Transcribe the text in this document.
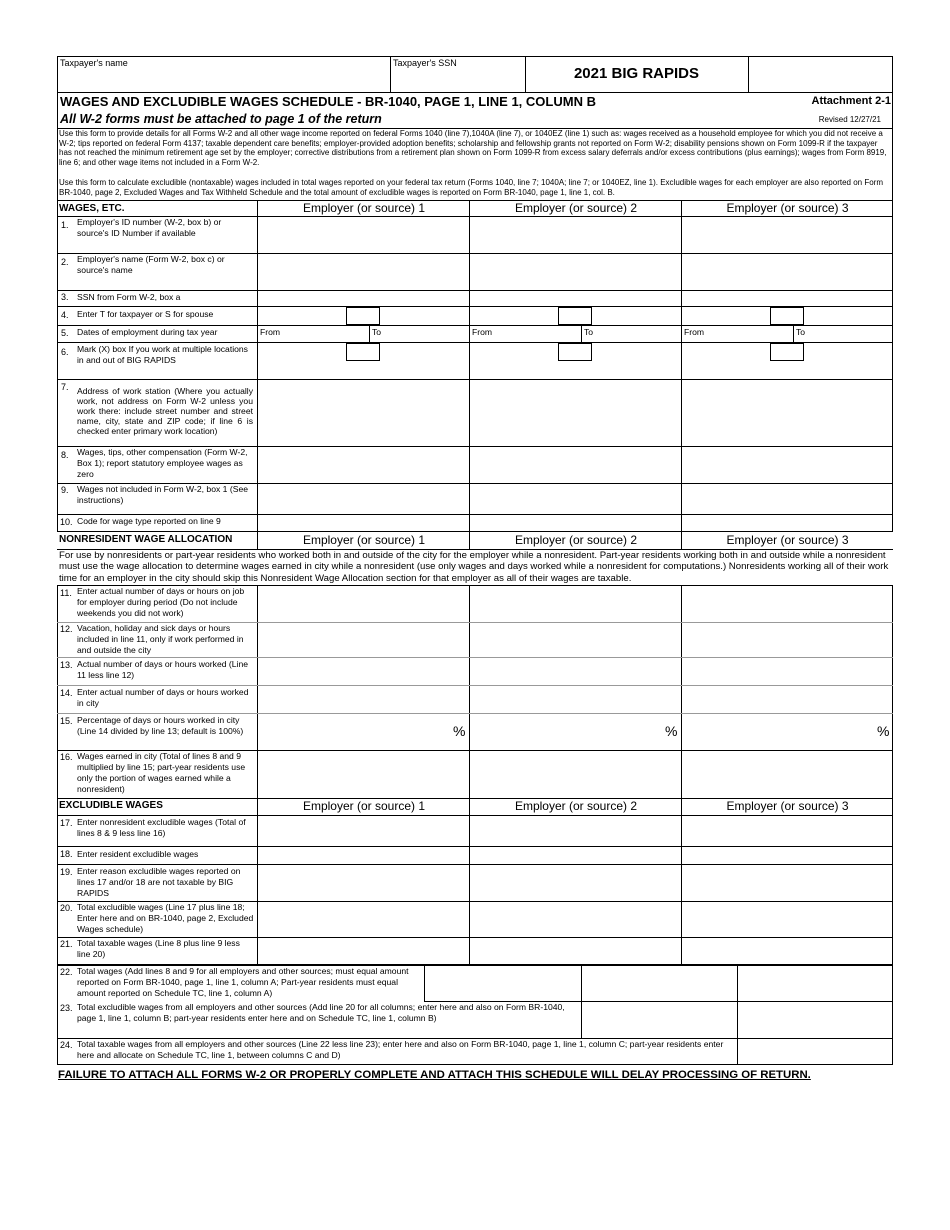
Taxpayer's name	Taxpayer's SSN
2021 BIG RAPIDS
WAGES AND EXCLUDIBLE WAGES SCHEDULE - BR-1040, PAGE 1, LINE 1, COLUMN B	Attachment 2-1
All W-2 forms must be attached to page 1 of the return	Revised 12/27/21
Use this form to provide details for all Forms W-2 and all other wage income reported on federal Forms 1040 (line 7),1040A (line 7), or 1040EZ (line 1) such as: wages received as a household employee for which you did not receive a W-2; tips reported on federal Form 4137; taxable dependent care benefits; employer-provided adoption benefits; scholarship and fellowship grants not reported on Form W-2; disability pensions shown on Form 1099-R if the taxpayer has not reached the minimum retirement age set by the employer; corrective distributions from a retirement plan shown on Form 1099-R from excess salary deferrals and/or excess contributions (plus earnings); wages from Form 8919, line 6; and other wage items not included in a Form W-2.
Use this form to calculate excludible (nontaxable) wages included in total wages reported on your federal tax return (Forms 1040, line 7; 1040A; line 7; or 1040EZ, line 1). Excludible wages for each employer are also reported on Form BR-1040, page 2, Excluded Wages and Tax Withheld Schedule and the total amount of excludible wages is reported on Form BR-1040, page 1, line 1, col. B.
WAGES, ETC.	Employer (or source) 1	Employer (or source) 2	Employer (or source) 3
1. Employer's ID number (W-2, box b) or source's ID Number if available
2. Employer's name (Form W-2, box c) or source's name
3. SSN from Form W-2, box a
4. Enter T for taxpayer or S for spouse
5. Dates of employment during tax year	From	To	From	To	From	To
6. Mark (X) box If you work at multiple locations in and out of BIG RAPIDS
7. Address of work station (Where you actually work, not address on Form W-2 unless you work there: include street number and street name, city, state and ZIP code; if line 6 is checked enter primary work location)
8. Wages, tips, other compensation (Form W-2, Box 1); report statutory employee wages as zero
9. Wages not included in Form W-2, box 1 (See instructions)
10. Code for wage type reported on line 9
NONRESIDENT WAGE ALLOCATION	Employer (or source) 1	Employer (or source) 2	Employer (or source) 3
For use by nonresidents or part-year residents who worked both in and outside of the city for the employer while a nonresident. Part-year residents working both in and outside while a nonresident must use the wage allocation to determine wages earned in city while a nonresident (use only wages and days worked while a nonresident for computations.) Nonresidents working all of their work time for an employer in the city should skip this Nonresident Wage Allocation section for that employer as all of their wages are taxable.
11. Enter actual number of days or hours on job for employer during period (Do not include weekends you did not work)
12. Vacation, holiday and sick days or hours included in line 11, only if work performed in and outside the city
13. Actual number of days or hours worked (Line 11 less line 12)
14. Enter actual number of days or hours worked in city
15. Percentage of days or hours worked in city (Line 14 divided by line 13; default is 100%)	%	%	%
16. Wages earned in city (Total of lines 8 and 9 multiplied by line 15; part-year residents use only the portion of wages earned while a nonresident)
EXCLUDIBLE WAGES	Employer (or source) 1	Employer (or source) 2	Employer (or source) 3
17. Enter nonresident excludible wages (Total of lines 8 & 9 less line 16)
18. Enter resident excludible wages
19. Enter reason excludible wages reported on lines 17 and/or 18 are not taxable by BIG RAPIDS
20. Total excludible wages (Line 17 plus line 18; Enter here and on BR-1040, page 2, Excluded Wages schedule)
21. Total taxable wages (Line 8 plus line 9 less line 20)
22. Total wages (Add lines 8 and 9 for all employers and other sources; must equal amount reported on Form BR-1040, page 1, line 1, column A; Part-year residents must equal amount reported on Schedule TC, line 1, column A)
23. Total excludible wages from all employers and other sources (Add line 20 for all columns; enter here and also on Form BR-1040, page 1, line 1, column B; part-year residents enter here and on Schedule TC, line 1, column B)
24. Total taxable wages from all employers and other sources (Line 22 less line 23); enter here and also on Form BR-1040, page 1, line 1, column C; part-year residents enter here and allocate on Schedule TC, line 1, between columns C and D)
FAILURE TO ATTACH ALL FORMS W-2 OR PROPERLY COMPLETE AND ATTACH THIS SCHEDULE WILL DELAY PROCESSING OF RETURN.
